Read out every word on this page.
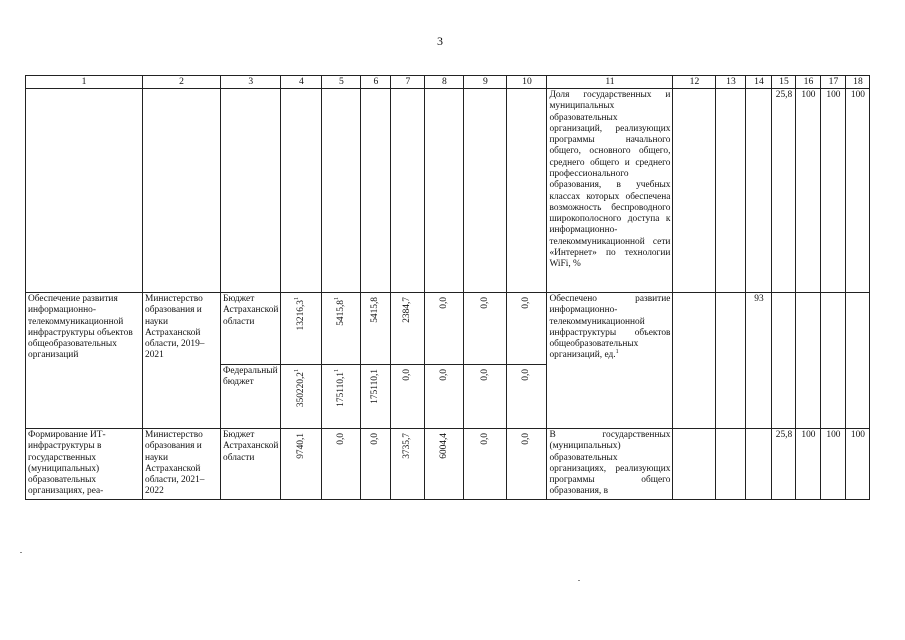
3
1	2	3	4	5	6	7	8	9	10	11	12	13	14	15	16	17	18
										Доля государственных и муниципальных образовательных организаций, реализующих программы начального общего, основного общего, среднего общего и среднего профессионального образования, в учебных классах которых обеспечена возможность беспроводного широкополосного доступа к информационно-телекоммуникационной сети «Интернет» по технологии WiFi, %				25,8	100	100	100
Обеспечение развития информационно-телекоммуникационной инфраструктуры объектов общеобразовательных организаций	Министерство образования и науки Астраханской области, 2019–2021	Бюджет Астраханской области	13216,3$^1$	5415,8$^1$	5415,8	2384,7	0,0	0,0	0,0	Обеспечено развитие информационно-телекоммуникационной инфраструктуры объектов общеобразовательных организаций, ед.$^1$			93				
		Федеральный бюджет	350220,2$^1$	175110,1$^1$	175110,1	0,0	0,0	0,0	0,0								

Формирование ИТ-инфраструктуры в государственных (муниципальных) образовательных организациях, реа-	Министерство образования и науки Астраханской области, 2021–2022	Бюджет Астраханской области	9740,1	0,0	0,0	3735,7	6004,4	0,0	0,0	В государственных (муниципальных) образовательных организациях, реализующих программы общего образования, в				25,8	100	100	100
